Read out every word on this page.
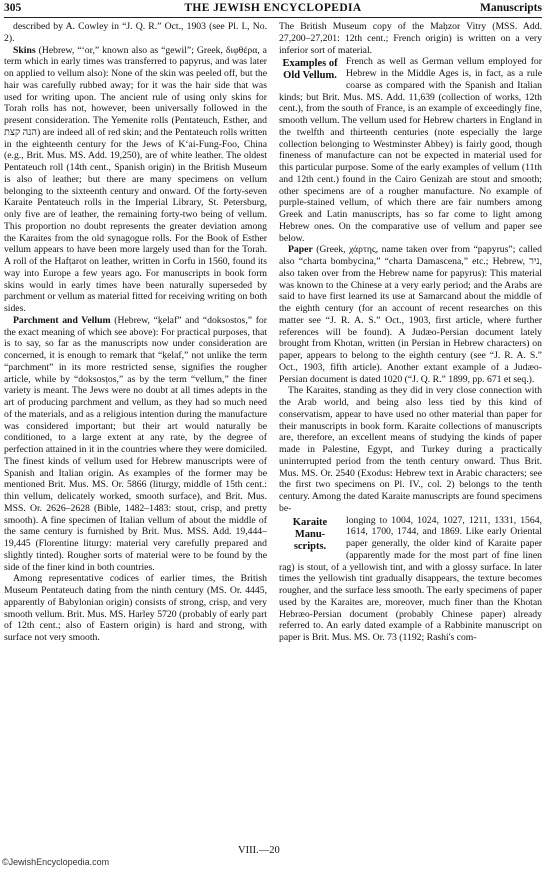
305	THE JEWISH ENCYCLOPEDIA	Manuscripts

described by A. Cowley in “J. Q. R.” Oct., 1903 (see Pl. I., No. 2).

Skins (Hebrew, “‘or,” known also as “gewil”; Greek, διφθέρα, a term which in early times was transferred to papyrus, and was later on applied to vellum also): None of the skin was peeled off, but the hair was carefully rubbed away; for it was the hair side that was used for writing upon. The ancient rule of using only skins for Torah rolls has not, however, been universally followed in the present consideration. The Yemenite rolls (Pentateuch, Esther, and הנה קצת) are indeed all of red skin; and the Pentateuch rolls written in the eighteenth century for the Jews of K‘ai-Fung-Foo, China (e.g., Brit. Mus. MS. Add. 19,250), are of white leather. The oldest Pentateuch roll (14th cent., Spanish origin) in the British Museum is also of leather; but there are many specimens on vellum belonging to the sixteenth century and onward. Of the forty-seven Karaite Pentateuch rolls in the Imperial Library, St. Petersburg, only five are of leather, the remaining forty-two being of vellum. This proportion no doubt represents the greater deviation among the Karaites from the old synagogue rolls. For the Book of Esther vellum appears to have been more largely used than for the Torah. A roll of the Hafṭarot on leather, written in Corfu in 1560, found its way into Europe a few years ago. For manuscripts in book form skins would in early times have been naturally superseded by parchment or vellum as material fitted for receiving writing on both sides.

Parchment and Vellum (Hebrew, “ḳelaf” and “doksostos,” for the exact meaning of which see above): For practical purposes, that is to say, so far as the manuscripts now under consideration are concerned, it is enough to remark that “ḳelaf,” not unlike the term “parchment” in its more restricted sense, signifies the rougher article, while by “doksosṭos,” as by the term “vellum,” the finer variety is meant. The Jews were no doubt at all times adepts in the art of producing parchment and vellum, as they had so much need of the materials, and as a religious intention during the manufacture was considered important; but their art would naturally be conditioned, to a large extent at any rate, by the degree of perfection attained in it in the countries where they were domiciled. The finest kinds of vellum used for Hebrew manuscripts were of Spanish and Italian origin. As examples of the former may be mentioned Brit. Mus. MS. Or. 5866 (liturgy, middle of 15th cent.: thin vellum, delicately worked, smooth surface), and Brit. Mus. MSS. Or. 2626–2628 (Bible, 1482–1483: stout, crisp, and pretty smooth). A fine specimen of Italian vellum of about the middle of the same century is furnished by Brit. Mus. MSS. Add. 19,444–19,445 (Florentine liturgy: material very carefully prepared and slightly tinted). Rougher sorts of material were to be found by the side of the finer kind in both countries.

Among representative codices of earlier times, the British Museum Pentateuch dating from the ninth century (MS. Or. 4445, apparently of Babylonian origin) consists of strong, crisp, and very smooth vellum. Brit. Mus. MS. Harley 5720 (probably of early part of 12th cent.; also of Eastern origin) is hard and strong, with surface not very smooth.

The British Museum copy of the Maḥzor Vitry (MSS. Add. 27,200–27,201: 12th cent.; French origin) is written on a very inferior sort of material.

Examples of Old Vellum.
French as well as German vellum employed for Hebrew in the Middle Ages is, in fact, as a rule coarse as compared with the Spanish and Italian kinds; but Brit. Mus. MS. Add. 11,639 (collection of works, 12th cent.), from the south of France, is an example of exceedingly fine, smooth vellum. The vellum used for Hebrew charters in England in the twelfth and thirteenth centuries (note especially the large collection belonging to Westminster Abbey) is fairly good, though fineness of manufacture can not be expected in material used for this particular purpose. Some of the early examples of vellum (11th and 12th cent.) found in the Cairo Genizah are stout and smooth; other specimens are of a rougher manufacture. No example of purple-stained vellum, of which there are fair numbers among Greek and Latin manuscripts, has so far come to light among Hebrew ones. On the comparative use of vellum and paper see below.

Paper (Greek, χάρτης, name taken over from “papyrus”; called also “charta bombycina,” “charta Damascena,” etc.; Hebrew, ניר, also taken over from the Hebrew name for papyrus): This material was known to the Chinese at a very early period; and the Arabs are said to have first learned its use at Samarcand about the middle of the eighth century (for an account of recent researches on this matter see “J. R. A. S.” Oct., 1903, first article, where further references will be found). A Judæo-Persian document lately brought from Khotan, written (in Persian in Hebrew characters) on paper, appears to belong to the eighth century (see “J. R. A. S.” Oct., 1903, fifth article). Another extant example of a Judæo-Persian document is dated 1020 (“J. Q. R.” 1899, pp. 671 et seq.).

The Karaites, standing as they did in very close connection with the Arab world, and being also less tied by this kind of conservatism, appear to have used no other material than paper for their manuscripts in book form. Karaite collections of manuscripts are, therefore, an excellent means of studying the kinds of paper made in Palestine, Egypt, and Turkey during a practically uninterrupted period from the tenth century onward. Thus Brit. Mus. MS. Or. 2540 (Exodus: Hebrew text in Arabic characters; see the first two specimens on Pl. IV., col. 2) belongs to the tenth century. Among the dated Karaite manuscripts are found specimens be-

Karaite Manu-scripts.
longing to 1004, 1024, 1027, 1211, 1331, 1564, 1614, 1700, 1744, and 1869. Like early Oriental paper generally, the older kind of Karaite paper (apparently made for the most part of fine linen rag) is stout, of a yellowish tint, and with a glossy surface. In later times the yellowish tint gradually disappears, the texture becomes rougher, and the surface less smooth. The early specimens of paper used by the Karaites are, moreover, much finer than the Khotan Hebræo-Persian document (probably Chinese paper) already referred to. An early dated example of a Rabbinite manuscript on paper is Brit. Mus. MS. Or. 73 (1192; Rashi's com-

VIII.—20
©JewishEncyclopedia.com
